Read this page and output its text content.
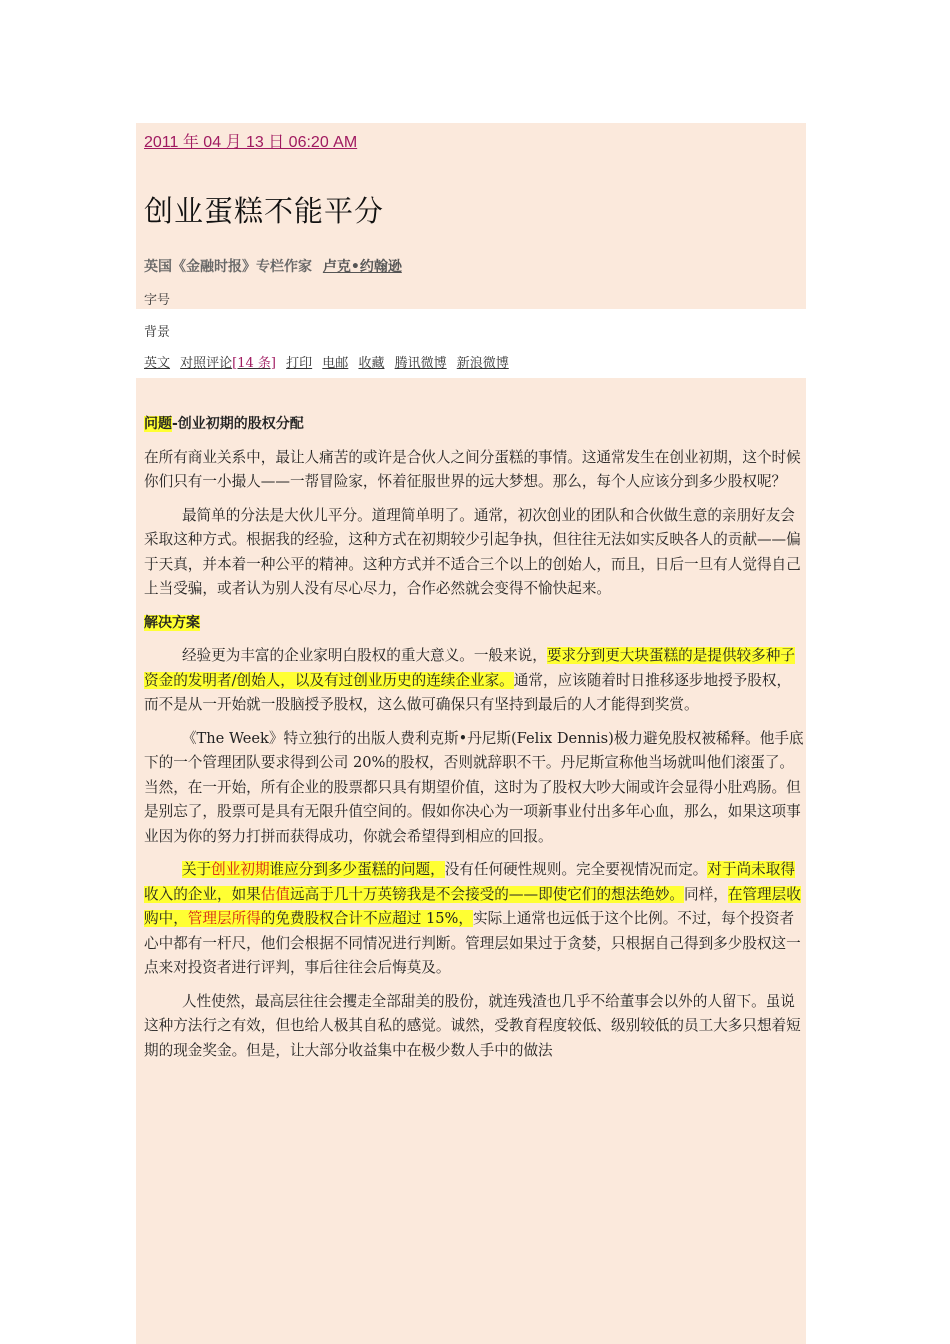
2011 年 04 月 13 日 06:20 AM
创业蛋糕不能平分
英国《金融时报》专栏作家 卢克•约翰逊
字号
背景
英文 对照评论[14 条] 打印 电邮 收藏 腾讯微博 新浪微博

问题-创业初期的股权分配

在所有商业关系中，最让人痛苦的或许是合伙人之间分蛋糕的事情。这通常发生在创业初期，这个时候你们只有一小撮人——一帮冒险家，怀着征服世界的远大梦想。那么，每个人应该分到多少股权呢？

最简单的分法是大伙儿平分。道理简单明了。通常，初次创业的团队和合伙做生意的亲朋好友会采取这种方式。根据我的经验，这种方式在初期较少引起争执，但往往无法如实反映各人的贡献——偏于天真，并本着一种公平的精神。这种方式并不适合三个以上的创始人，而且，日后一旦有人觉得自己上当受骗，或者认为别人没有尽心尽力，合作必然就会变得不愉快起来。

解决方案

经验更为丰富的企业家明白股权的重大意义。一般来说，要求分到更大块蛋糕的是提供较多种子资金的发明者/创始人，以及有过创业历史的连续企业家。通常，应该随着时日推移逐步地授予股权，而不是从一开始就一股脑授予股权，这么做可确保只有坚持到最后的人才能得到奖赏。

《The Week》特立独行的出版人费利克斯•丹尼斯(Felix Dennis)极力避免股权被稀释。他手底下的一个管理团队要求得到公司 20%的股权，否则就辞职不干。丹尼斯宣称他当场就叫他们滚蛋了。当然，在一开始，所有企业的股票都只具有期望价值，这时为了股权大吵大闹或许会显得小肚鸡肠。但是别忘了，股票可是具有无限升值空间的。假如你决心为一项新事业付出多年心血，那么，如果这项事业因为你的努力打拼而获得成功，你就会希望得到相应的回报。

关于创业初期谁应分到多少蛋糕的问题，没有任何硬性规则。完全要视情况而定。对于尚未取得收入的企业，如果估值远高于几十万英镑我是不会接受的——即使它们的想法绝妙。同样，在管理层收购中，管理层所得的免费股权合计不应超过 15%，实际上通常也远低于这个比例。不过，每个投资者心中都有一杆尺，他们会根据不同情况进行判断。管理层如果过于贪婪，只根据自己得到多少股权这一点来对投资者进行评判，事后往往会后悔莫及。

人性使然，最高层往往会攫走全部甜美的股份，就连残渣也几乎不给董事会以外的人留下。虽说这种方法行之有效，但也给人极其自私的感觉。诚然，受教育程度较低、级别较低的员工大多只想着短期的现金奖金。但是，让大部分收益集中在极少数人手中的做法
